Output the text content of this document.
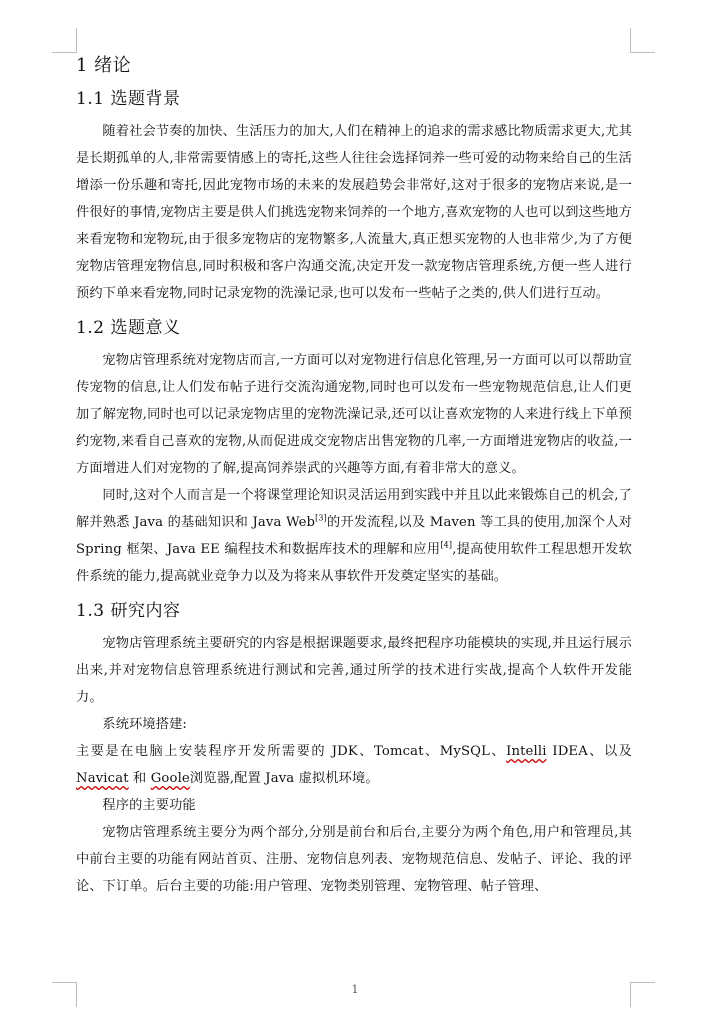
1 绪论
1.1 选题背景

随着社会节奏的加快、生活压力的加大,人们在精神上的追求的需求感比物质需求更大,尤其是长期孤单的人,非常需要情感上的寄托,这些人往往会选择饲养一些可爱的动物来给自己的生活增添一份乐趣和寄托,因此宠物市场的未来的发展趋势会非常好,这对于很多的宠物店来说,是一件很好的事情,宠物店主要是供人们挑选宠物来饲养的一个地方,喜欢宠物的人也可以到这些地方来看宠物和宠物玩,由于很多宠物店的宠物繁多,人流量大,真正想买宠物的人也非常少,为了方便宠物店管理宠物信息,同时积极和客户沟通交流,决定开发一款宠物店管理系统,方便一些人进行预约下单来看宠物,同时记录宠物的洗澡记录,也可以发布一些帖子之类的,供人们进行互动。

1.2 选题意义

宠物店管理系统对宠物店而言,一方面可以对宠物进行信息化管理,另一方面可以可以帮助宣传宠物的信息,让人们发布帖子进行交流沟通宠物,同时也可以发布一些宠物规范信息,让人们更加了解宠物,同时也可以记录宠物店里的宠物洗澡记录,还可以让喜欢宠物的人来进行线上下单预约宠物,来看自己喜欢的宠物,从而促进成交宠物店出售宠物的几率,一方面增进宠物店的收益,一方面增进人们对宠物的了解,提高饲养崇武的兴趣等方面,有着非常大的意义。

同时,这对个人而言是一个将课堂理论知识灵活运用到实践中并且以此来锻炼自己的机会,了解并熟悉 Java 的基础知识和 Java Web[3]的开发流程,以及 Maven 等工具的使用,加深个人对 Spring 框架、Java EE 编程技术和数据库技术的理解和应用[4],提高使用软件工程思想开发软件系统的能力,提高就业竞争力以及为将来从事软件开发奠定坚实的基础。

1.3 研究内容

宠物店管理系统主要研究的内容是根据课题要求,最终把程序功能模块的实现,并且运行展示出来,并对宠物信息管理系统进行测试和完善,通过所学的技术进行实战,提高个人软件开发能力。

系统环境搭建:

主要是在电脑上安装程序开发所需要的 JDK、Tomcat、MySQL、Intelli IDEA、以及 Navicat 和 Goole浏览器,配置 Java 虚拟机环境。

程序的主要功能

宠物店管理系统主要分为两个部分,分别是前台和后台,主要分为两个角色,用户和管理员,其中前台主要的功能有网站首页、注册、宠物信息列表、宠物规范信息、发帖子、评论、我的评论、下订单。后台主要的功能:用户管理、宠物类别管理、宠物管理、帖子管理、

1
